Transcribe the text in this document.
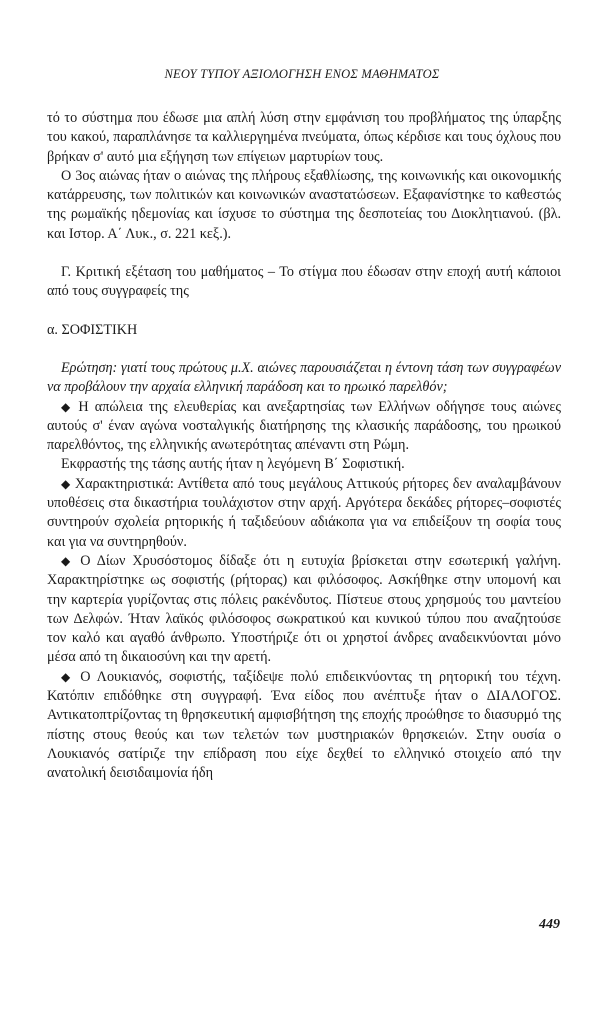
ΝΕΟΥ ΤΥΠΟΥ ΑΞΙΟΛΟΓΗΣΗ ΕΝΟΣ ΜΑΘΗΜΑΤΟΣ

τό το σύστημα που έδωσε μια απλή λύση στην εμφάνιση του προβλήματος της ύπαρξης του κακού, παραπλάνησε τα καλλιεργημένα πνεύματα, όπως κέρδισε και τους όχλους που βρήκαν σ' αυτό μια εξήγηση των επίγειων μαρτυρίων τους.

Ο 3ος αιώνας ήταν ο αιώνας της πλήρους εξαθλίωσης, της κοινωνικής και οικονομικής κατάρρευσης, των πολιτικών και κοινωνικών αναστατώσεων. Εξαφανίστηκε το καθεστώς της ρωμαϊκής ηδεμονίας και ίσχυσε το σύστημα της δεσποτείας του Διοκλητιανού. (βλ. και Ιστορ. Α΄ Λυκ., σ. 221 κεξ.).

Γ. Κριτική εξέταση του μαθήματος – Το στίγμα που έδωσαν στην εποχή αυτή κάποιοι από τους συγγραφείς της

α. ΣΟΦΙΣΤΙΚΗ

Ερώτηση: γιατί τους πρώτους μ.Χ. αιώνες παρουσιάζεται η έντονη τάση των συγγραφέων να προβάλουν την αρχαία ελληνική παράδοση και το ηρωικό παρελθόν;

◆ Η απώλεια της ελευθερίας και ανεξαρτησίας των Ελλήνων οδήγησε τους αιώνες αυτούς σ' έναν αγώνα νοσταλγικής διατήρησης της κλασικής παράδοσης, του ηρωικού παρελθόντος, της ελληνικής ανωτερότητας απέναντι στη Ρώμη.

Εκφραστής της τάσης αυτής ήταν η λεγόμενη Β΄ Σοφιστική.

◆ Χαρακτηριστικά: Αντίθετα από τους μεγάλους Αττικούς ρήτορες δεν αναλαμβάνουν υποθέσεις στα δικαστήρια τουλάχιστον στην αρχή. Αργότερα δεκάδες ρήτορες–σοφιστές συντηρούν σχολεία ρητορικής ή ταξιδεύουν αδιάκοπα για να επιδείξουν τη σοφία τους και για να συντηρηθούν.

◆ Ο Δίων Χρυσόστομος δίδαξε ότι η ευτυχία βρίσκεται στην εσωτερική γαλήνη. Χαρακτηρίστηκε ως σοφιστής (ρήτορας) και φιλόσοφος. Ασκήθηκε στην υπομονή και την καρτερία γυρίζοντας στις πόλεις ρακένδυτος. Πίστευε στους χρησμούς του μαντείου των Δελφών. Ήταν λαϊκός φιλόσοφος σωκρατικού και κυνικού τύπου που αναζητούσε τον καλό και αγαθό άνθρωπο. Υποστήριζε ότι οι χρηστοί άνδρες αναδεικνύονται μόνο μέσα από τη δικαιοσύνη και την αρετή.

◆ Ο Λουκιανός, σοφιστής, ταξίδεψε πολύ επιδεικνύοντας τη ρητορική του τέχνη. Κατόπιν επιδόθηκε στη συγγραφή. Ένα είδος που ανέπτυξε ήταν ο ΔΙΑΛΟΓΟΣ. Αντικατοπτρίζοντας τη θρησκευτική αμφισβήτηση της εποχής προώθησε το διασυρμό της πίστης στους θεούς και των τελετών των μυστηριακών θρησκειών. Στην ουσία ο Λουκιανός σατίριζε την επίδραση που είχε δεχθεί το ελληνικό στοιχείο από την ανατολική δεισιδαιμονία ήδη

449
